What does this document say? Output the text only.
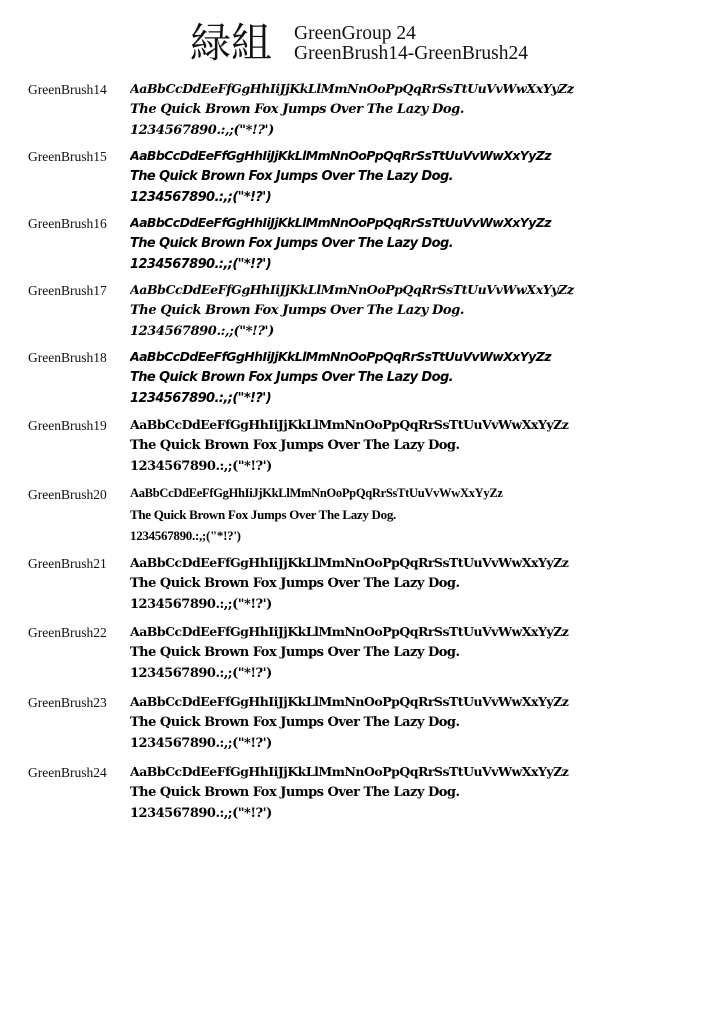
緑組 GreenGroup 24
GreenBrush14-GreenBrush24
GreenBrush14 AaBbCcDdEeFfGgHhIiJjKkLlMmNnOoPpQqRrSsTtUuVvWwXxYyZz
The Quick Brown Fox Jumps Over The Lazy Dog.
1234567890.:,;("*!?')
GreenBrush15 AaBbCcDdEeFfGgHhIiJjKkLlMmNnOoPpQqRrSsTtUuVvWwXxYyZz
The Quick Brown Fox Jumps Over The Lazy Dog.
1234567890.:,;("*!?')
GreenBrush16 AaBbCcDdEeFfGgHhIiJjKkLlMmNnOoPpQqRrSsTtUuVvWwXxYyZz
The Quick Brown Fox Jumps Over The Lazy Dog.
1234567890.:,;("*!?')
GreenBrush17 AaBbCcDdEeFfGgHhIiJjKkLlMmNnOoPpQqRrSsTtUuVvWwXxYyZz
The Quick Brown Fox Jumps Over The Lazy Dog.
1234567890.:,;("*!?')
GreenBrush18 AaBbCcDdEeFfGgHhIiJjKkLlMmNnOoPpQqRrSsTtUuVvWwXxYyZz
The Quick Brown Fox Jumps Over The Lazy Dog.
1234567890.:,;("*!?')
GreenBrush19 AaBbCcDdEeFfGgHhIiJjKkLlMmNnOoPpQqRrSsTtUuVvWwXxYyZz
The Quick Brown Fox Jumps Over The Lazy Dog.
1234567890.:,;("*!?')
GreenBrush20 AaBbCcDdEeFfGgHhIiJjKkLlMmNnOoPpQqRrSsTtUuVvWwXxYyZz
The Quick Brown Fox Jumps Over The Lazy Dog.
1234567890.:,;("*!?')
GreenBrush21 AaBbCcDdEeFfGgHhIiJjKkLlMmNnOoPpQqRrSsTtUuVvWwXxYyZz
The Quick Brown Fox Jumps Over The Lazy Dog.
1234567890.:,;("*!?')
GreenBrush22 AaBbCcDdEeFfGgHhIiJjKkLlMmNnOoPpQqRrSsTtUuVvWwXxYyZz
The Quick Brown Fox Jumps Over The Lazy Dog.
1234567890.:,;("*!?')
GreenBrush23 AaBbCcDdEeFfGgHhIiJjKkLlMmNnOoPpQqRrSsTtUuVvWwXxYyZz
The Quick Brown Fox Jumps Over The Lazy Dog.
1234567890.:,;("*!?')
GreenBrush24 AaBbCcDdEeFfGgHhIiJjKkLlMmNnOoPpQqRrSsTtUuVvWwXxYyZz
The Quick Brown Fox Jumps Over The Lazy Dog.
1234567890.:,;("*!?')
